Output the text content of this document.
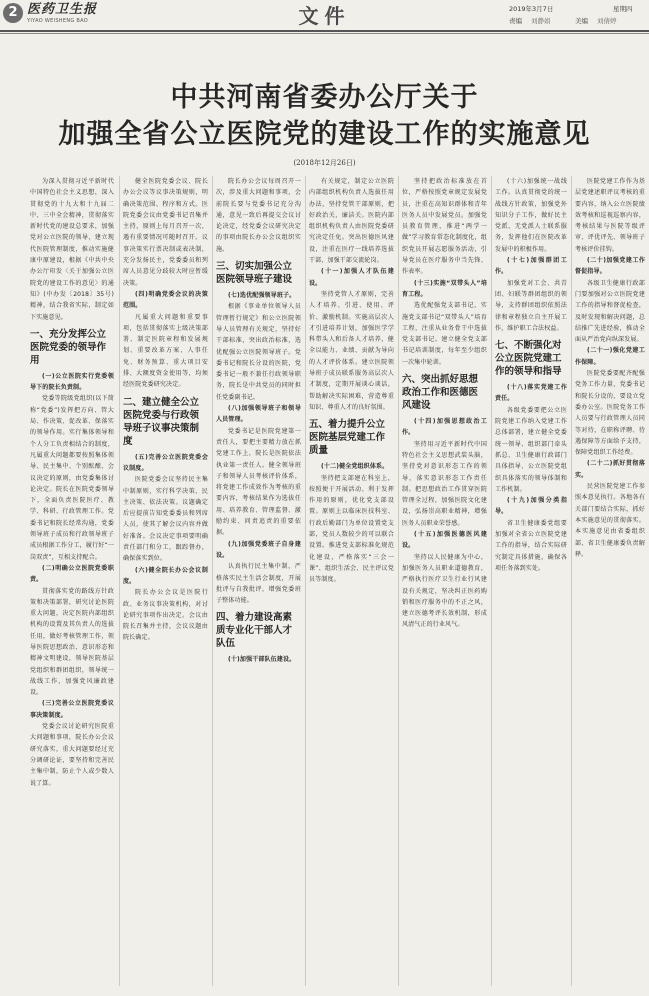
2 医药卫生报
YIYAO WEISHENG BAO	文件	2019年3月7日	星期四
责编 刘静娟	美编 刘倩婷
中共河南省委办公厅关于
加强全省公立医院党的建设工作的实施意见
(2018年12月26日)

为深入贯彻习近平新时代中国特色社会主义思想，深入贯彻党的十九大和十九届二中、三中全会精神，贯彻落实新时代党的建设总要求，加强党对公立医院的领导，建立现代医院管理制度，推动实施健康中原建设，根据《中共中央办公厅印发〈关于加强公立医院党的建设工作的意见〉的通知》(中办发〔2018〕35号)精神，结合我省实际，制定如下实施意见。

一、充分发挥公立医院党委的领导作用

(一)公立医院实行党委领导下的院长负责制。

党委等院级党组织(以下简称“党委”)发挥把方向、管大局、作决策、促改革、保落实的领导作用。实行集体领导和个人分工负责相结合的制度，凡属重大问题都要按照集体领导、民主集中、个别酝酿、会议决定的原则，由党委集体讨论决定。院长在医院党委领导下，全面负责医院医疗、教学、科研、行政管理工作。党委书记和院长经常沟通，党委领导班子成员和行政领导班子成员根据工作分工，履行好“一岗双责”，互相支持配合。

(二)明确公立医院党委职责。

贯彻落实党的路线方针政策和决策部署，研究讨论医院重大问题，决定医院内部组织机构的设置及其负责人的选拔任用，做好考核管理工作，领导医院思想政治、意识形态和精神文明建设，领导医院基层党组织和群团组织，领导统一战线工作，加强党风廉政建设。

(三)完善公立医院党委议事决策制度。

党委会议讨论研究医院重大问题和事项，院长办公会议研究落实，重大问题要经过充分调研论证，要坚持和完善民主集中制，防止个人或少数人说了算。

健全医院党委会议、院长办公会议等议事决策规则，明确决策范围、程序和方式。医院党委会议由党委书记召集并主持，原则上每月召开一次，遇有重要情况可随时召开。议事决策实行票决制或表决制，充分发扬民主，党委委员和列席人员意见分歧较大时应暂缓决策。

(四)明确党委会议的决策范围。

凡属重大问题和重要事项，包括贯彻落实上级决策部署、制定医院章程和发展规划、重要改革方案、人事任免、财务预算、重大项目安排、大额度资金使用等，均须经医院党委研究决定。

二、建立健全公立医院党委与行政领导班子议事决策制度

(五)完善公立医院党委会议制度。

医院党委会议坚持民主集中制原则，实行科学决策、民主决策、依法决策。议题确定后应提前告知党委委员和列席人员，使其了解会议内容并做好准备。会议决定事项要明确责任部门和分工，跟踪督办，确保落实到位。

(六)健全院长办公会议制度。

院长办公会议是医院行政、业务议事决策机构，对讨论研究事项作出决定。会议由院长召集并主持，会议议题由院长确定。

院长办公会议每周召开一次，涉及重大问题和事项，会前院长要与党委书记充分沟通，意见一致后再提交会议讨论决定，经党委会议研究决定的事项由院长办公会议组织实施。

三、切实加强公立医院领导班子建设

(七)选优配强领导班子。

根据《事业单位领导人员管理暂行规定》和公立医院领导人员管理有关规定，坚持好干部标准，突出政治标准，选优配强公立医院领导班子。党委书记和院长分设的医院，党委书记一般不兼任行政领导职务，院长是中共党员的同时担任党委副书记。

(八)加强领导班子和领导人员管理。

党委书记是医院党建第一责任人，要把主要精力放在抓党建工作上，院长是医院依法执业第一责任人。健全领导班子和领导人员考核评价体系，将党建工作成效作为考核的重要内容，考核结果作为选拔任用、培养教育、管理监督、激励约束、问责追责的重要依据。

(九)加强党委班子自身建设。

认真执行民主集中制，严格落实民主生活会制度，开展批评与自我批评，增强党委班子整体功能。

四、着力建设高素质专业化干部人才队伍

(十)加强干部队伍建设。

有关规定，制定公立医院内部组织机构负责人选拔任用办法，坚持党管干部原则，把好政治关、廉洁关。医院内部组织机构负责人由医院党委研究决定任免。突出医德医风建设，注重在医疗一线培养选拔干部，加强干部交流轮岗。

(十一)加强人才队伍建设。

坚持党管人才原则，完善人才培养、引进、使用、评价、激励机制。实施高层次人才引进培养计划，加强医学学科带头人和后备人才培养，健全以能力、业绩、贡献为导向的人才评价体系。建立医院领导班子成员联系服务高层次人才制度，定期开展谈心谈话，帮助解决实际困难，营造尊重知识、尊重人才的良好氛围。

五、着力提升公立医院基层党建工作质量

(十二)健全党组织体系。

坚持把支部建在科室上，按照便于开展活动、利于发挥作用的原则，优化党支部设置。原则上以临床医技科室、行政后勤部门为单位设置党支部，党员人数较少的可以联合设置。推进党支部标准化规范化建设，严格落实“三会一课”、组织生活会、民主评议党员等制度。

坚持把政治标准放在首位，严格按照党章规定发展党员，注重在高知识群体和青年医务人员中发展党员。加强党员教育管理，推进“两学一做”学习教育常态化制度化，组织党员开展志愿服务活动，引导党员在医疗服务中当先锋、作表率。

(十三)实施“双带头人”培育工程。

选优配强党支部书记，实施党支部书记“双带头人”培育工程，注重从业务骨干中选拔党支部书记。建立健全党支部书记培训制度，每年至少组织一次集中轮训。

六、突出抓好思想政治工作和医德医风建设

(十四)加强思想政治工作。

坚持用习近平新时代中国特色社会主义思想武装头脑，坚持党对意识形态工作的领导，落实意识形态工作责任制。把思想政治工作贯穿医院管理全过程，加强医院文化建设，弘扬崇高职业精神，增强医务人员职业荣誉感。

(十五)加强医德医风建设。

坚持以人民健康为中心，加强医务人员职业道德教育，严格执行医疗卫生行业行风建设有关规定，坚决纠正医药购销和医疗服务中的不正之风，建立医德考评长效机制，形成风清气正的行业风气。

(十六)加强统一战线工作。认真贯彻党的统一战线方针政策，加强党外知识分子工作，做好民主党派、无党派人士联系服务，发挥他们在医院改革发展中的积极作用。

(十七)加强群团工作。

加强党对工会、共青团、妇联等群团组织的领导，支持群团组织依照法律和章程独立自主开展工作，维护职工合法权益。

七、不断强化对公立医院党建工作的领导和指导

(十八)落实党建工作责任。

各级党委要把公立医院党建工作纳入党建工作总体部署，建立健全党委统一领导、组织部门牵头抓总、卫生健康行政部门具体指导、公立医院党组织具体落实的领导体制和工作机制。

(十九)加强分类指导。

省卫生健康委党组要加强对全省公立医院党建工作的指导，结合实际研究制定具体措施，确保各项任务落到实处。

医院党建工作作为基层党建述职评议考核的重要内容，纳入公立医院绩效考核和巡视巡察内容，考核结果与医院等级评审、评优评先、领导班子考核评价挂钩。

(二十)加强党建工作督促指导。

各级卫生健康行政部门要加强对公立医院党建工作的指导和督促检查，及时发现和解决问题，总结推广先进经验，推动全面从严治党向纵深发展。

(二十一)强化党建工作保障。

医院党委要配齐配强党务工作力量，党委书记和院长分设的，要设立党委办公室。医院党务工作人员要与行政管理人员同等对待，在职称评聘、待遇保障等方面给予支持，保障党组织工作经费。

(二十二)抓好贯彻落实。

民营医院党建工作参照本意见执行。各地各有关部门要结合实际，抓好本实施意见的贯彻落实。本实施意见由省委组织部、省卫生健康委负责解释。
